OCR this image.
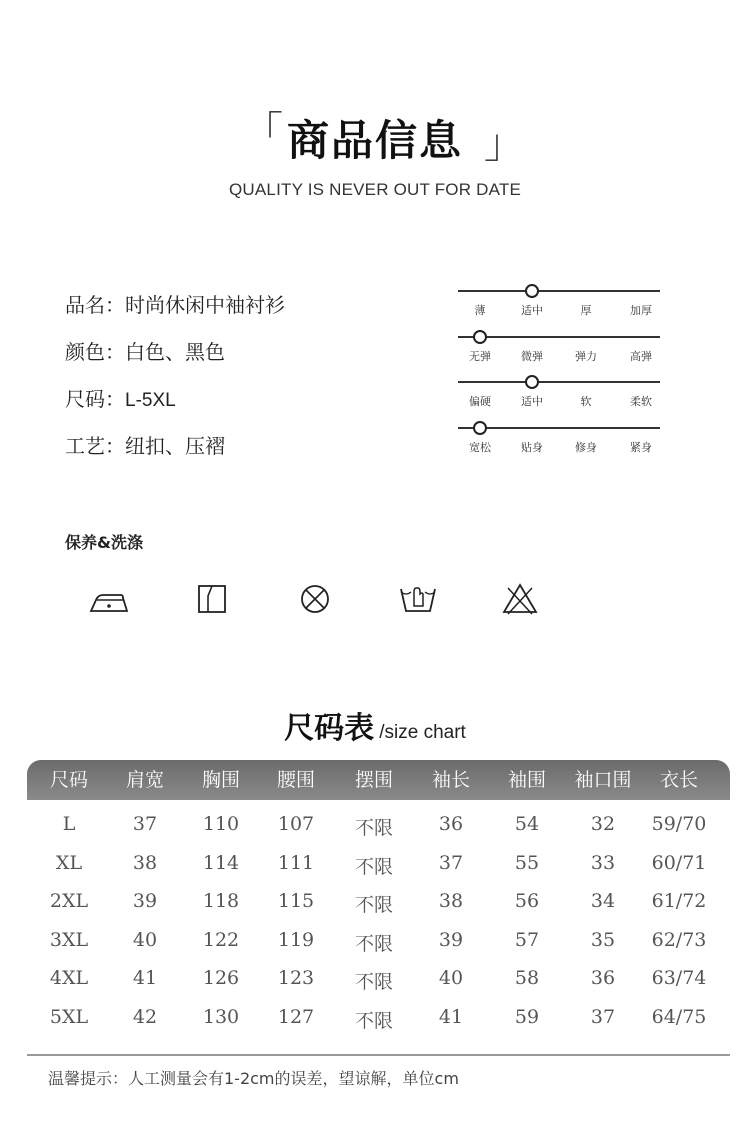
「 商品信息 」
QUALITY IS NEVER OUT FOR DATE
品名：时尚休闲中袖衬衫
颜色：白色、黑色
尺码：L-5XL
工艺：纽扣、压褶
薄	适中	厚	加厚
无弹	微弹	弹力	高弹
偏硬	适中	软	柔软
宽松	贴身	修身	紧身
保养&洗涤
尺码表 /size chart
尺码 肩宽 胸围 腰围 摆围 袖长 袖围 袖口围 衣长
L	37 110 107 不限 36	54	32 59/70
XL	38 114 111 不限 37	55	33 60/71
2XL 39 118 115 不限 38	56	34 61/72
3XL 40 122 119 不限 39	57	35 62/73
4XL 41 126 123 不限 40	58	36 63/74
5XL 42 130 127 不限 41	59	37 64/75
温馨提示：人工测量会有1-2cm的误差，望谅解，单位cm
